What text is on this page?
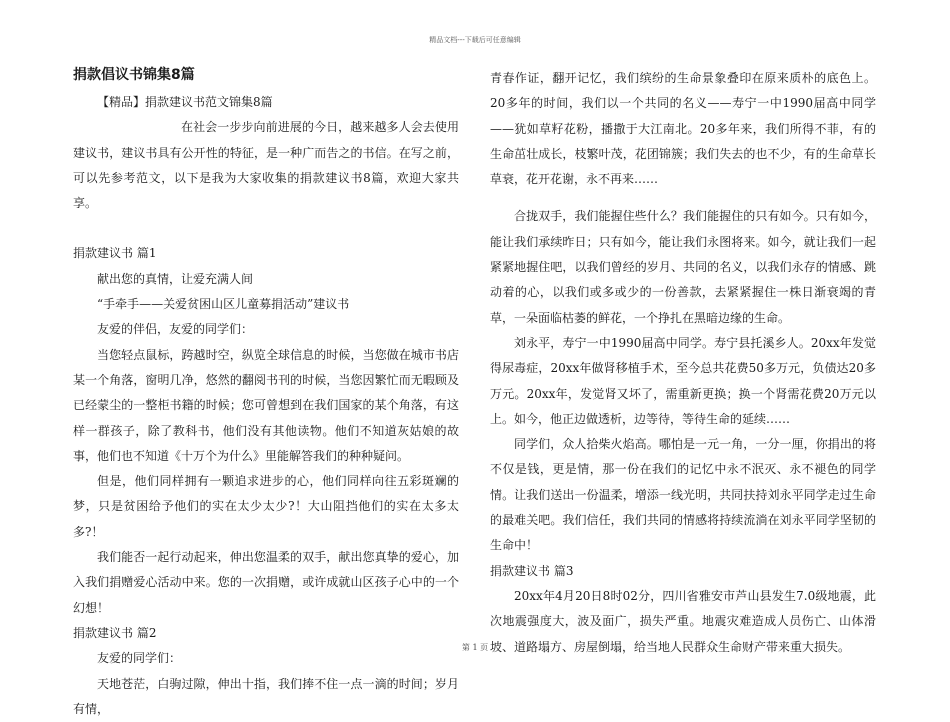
精品文档---下载后可任意编辑
捐款倡议书锦集8篇

【精品】捐款建议书范文锦集8篇

在社会一步步向前进展的今日，越来越多人会去使用建议书，建议书具有公开性的特征，是一种广而告之的书信。在写之前，可以先参考范文，以下是我为大家收集的捐款建议书8篇，欢迎大家共享。

捐款建议书 篇1

献出您的真情，让爱充满人间

“手牵手——关爱贫困山区儿童募捐活动”建议书

友爱的伴侣，友爱的同学们：

当您轻点鼠标，跨越时空，纵览全球信息的时候，当您做在城市书店某一个角落，窗明几净，悠然的翻阅书刊的时候，当您因繁忙而无暇顾及已经蒙尘的一整柜书籍的时候；您可曾想到在我们国家的某个角落，有这样一群孩子，除了教科书，他们没有其他读物。他们不知道灰姑娘的故事，他们也不知道《十万个为什么》里能解答我们的种种疑问。

但是，他们同样拥有一颗追求进步的心，他们同样向往五彩斑斓的梦，只是贫困给予他们的实在太少太少?！大山阻挡他们的实在太多太多?！

我们能否一起行动起来，伸出您温柔的双手，献出您真挚的爱心，加入我们捐赠爱心活动中来。您的一次捐赠，或许成就山区孩子心中的一个幻想！

捐款建议书 篇2

友爱的同学们：

天地苍茫，白驹过隙，伸出十指，我们捧不住一点一滴的时间；岁月有情，

青春作证，翻开记忆，我们缤纷的生命景象叠印在原来质朴的底色上。20多年的时间，我们以一个共同的名义——寿宁一中1990届高中同学——犹如草籽花粉，播撒于大江南北。20多年来，我们所得不菲，有的生命茁壮成长，枝繁叶茂，花团锦簇；我们失去的也不少，有的生命草长草衰，花开花谢，永不再来……

合拢双手，我们能握住些什么？我们能握住的只有如今。只有如今，能让我们承续昨日；只有如今，能让我们永图将来。如今，就让我们一起紧紧地握住吧，以我们曾经的岁月、共同的名义，以我们永存的情感、跳动着的心，以我们或多或少的一份善款，去紧紧握住一株日渐衰竭的青草，一朵面临枯萎的鲜花，一个挣扎在黑暗边缘的生命。

刘永平，寿宁一中1990届高中同学。寿宁县托溪乡人。20xx年发觉得尿毒症，20xx年做肾移植手术，至今总共花费50多万元，负债达20多万元。20xx年，发觉肾又坏了，需重新更换；换一个肾需花费20万元以上。如今，他正边做透析，边等待，等待生命的延续……

同学们，众人拾柴火焰高。哪怕是一元一角，一分一厘，你捐出的将不仅是钱，更是情，那一份在我们的记忆中永不泯灭、永不褪色的同学情。让我们送出一份温柔，增添一线光明，共同扶持刘永平同学走过生命的最难关吧。我们信任，我们共同的情感将持续流淌在刘永平同学坚韧的生命中！

捐款建议书 篇3

20xx年4月20日8时02分，四川省雅安市芦山县发生7.0级地震，此次地震强度大，波及面广，损失严重。地震灾难造成人员伤亡、山体滑坡、道路塌方、房屋倒塌，给当地人民群众生命财产带来重大损失。

第 1 页
